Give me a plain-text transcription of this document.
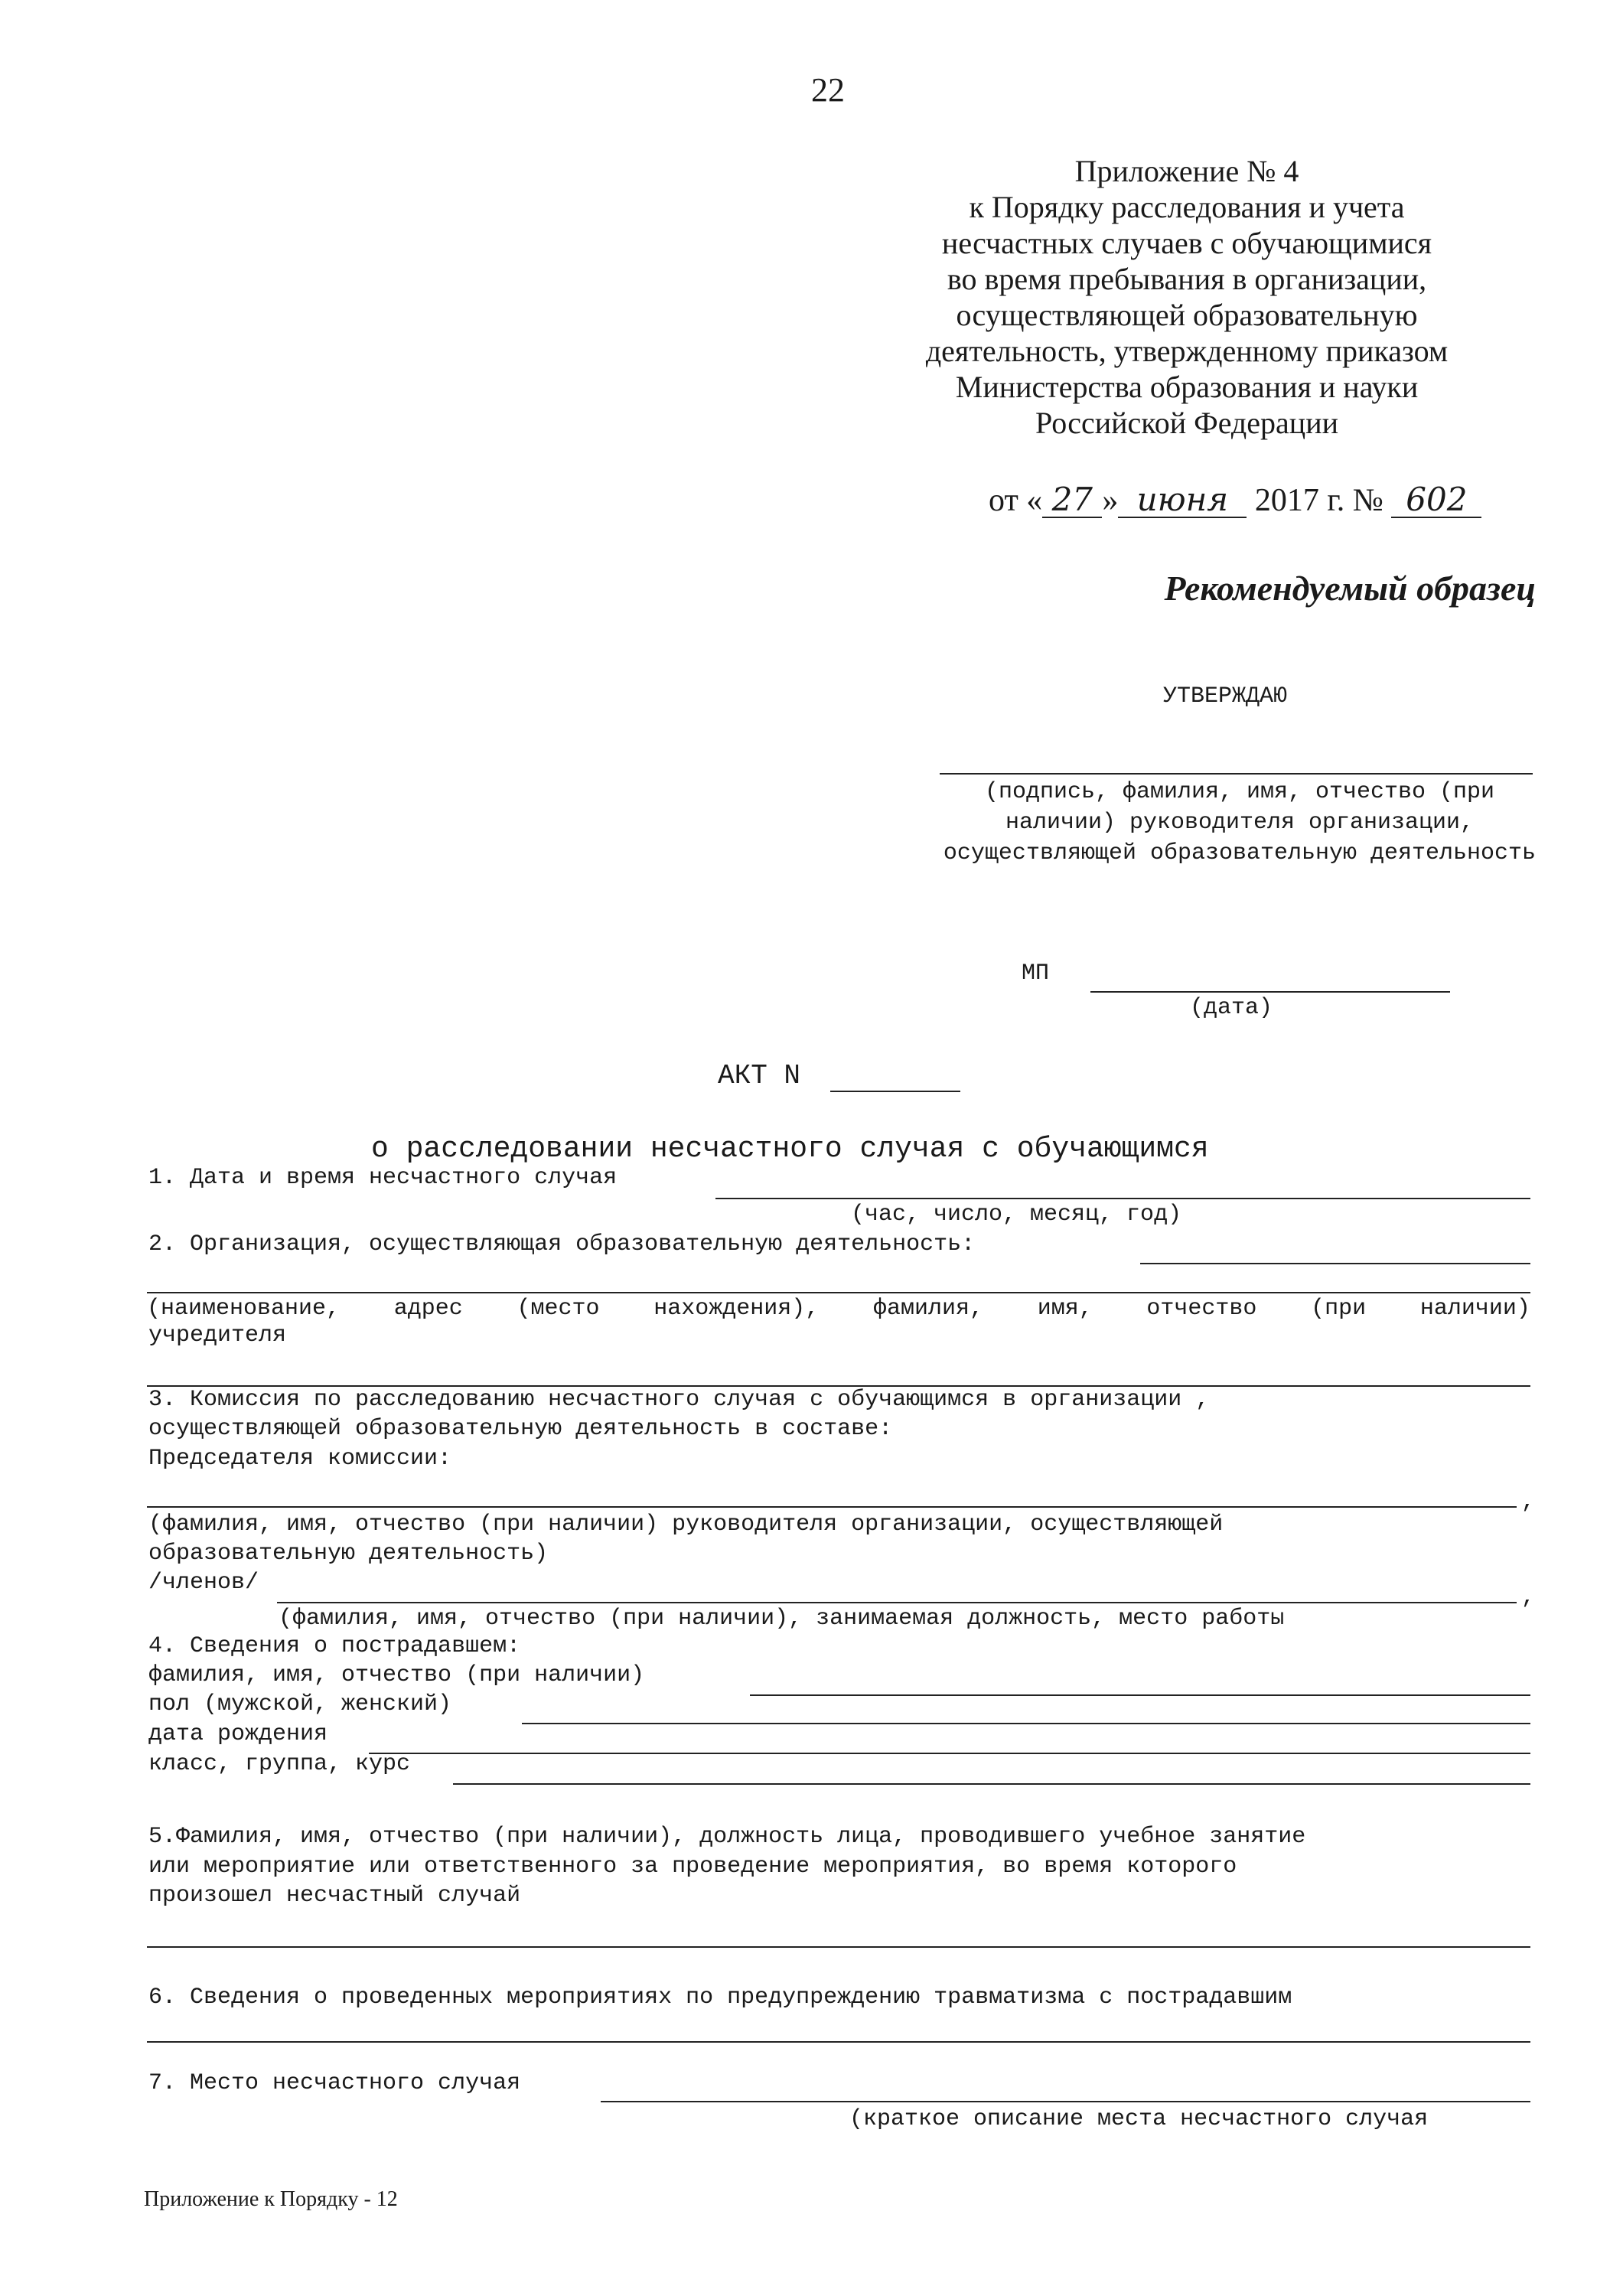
22
Приложение № 4
к Порядку расследования и учета
несчастных случаев с обучающимися
во время пребывания в организации,
осуществляющей образовательную
деятельность, утвержденному приказом
Министерства образования и науки
Российской Федерации
от « 27 » июня 2017 г. № 602
Рекомендуемый образец
УТВЕРЖДАЮ
(подпись, фамилия, имя, отчество (при наличии) руководителя организации, осуществляющей образовательную деятельность
МП
(дата)
АКТ N
о расследовании несчастного случая с обучающимся
1. Дата и время несчастного случая
(час, число, месяц, год)
2. Организация, осуществляющая образовательную деятельность:
(наименование, адрес (место нахождения), фамилия, имя, отчество (при наличии)
учредителя
3. Комиссия по расследованию несчастного случая с обучающимся в организации ,
осуществляющей образовательную деятельность в составе:
Председателя комиссии:
,
(фамилия, имя, отчество (при наличии) руководителя организации, осуществляющей
образовательную деятельность)
/членов/
,
(фамилия, имя, отчество (при наличии), занимаемая должность, место работы
4. Сведения о пострадавшем:
фамилия, имя, отчество (при наличии)
пол (мужской, женский)
дата рождения
класс, группа, курс
5.Фамилия, имя, отчество (при наличии), должность лица, проводившего учебное занятие
или мероприятие или ответственного за проведение мероприятия, во время которого
произошел несчастный случай
6. Сведения о проведенных мероприятиях по предупреждению травматизма с пострадавшим
7. Место несчастного случая
(краткое описание места несчастного случая
Приложение к Порядку - 12
